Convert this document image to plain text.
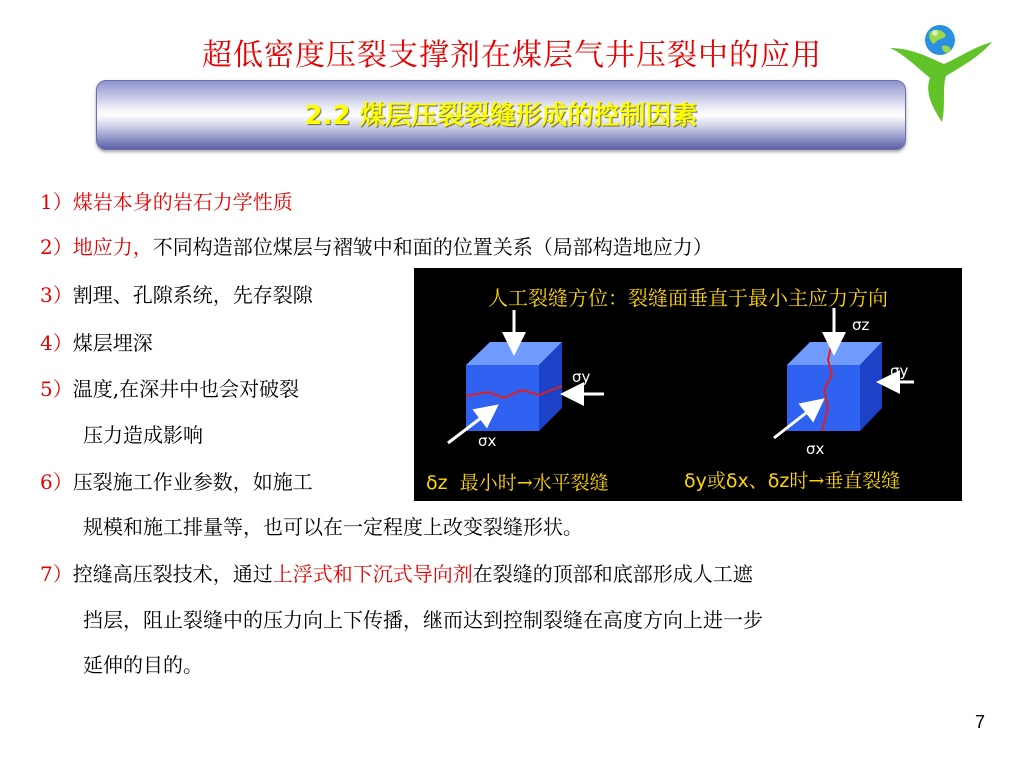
超低密度压裂支撑剂在煤层气井压裂中的应用
2.2 煤层压裂裂缝形成的控制因素
1）煤岩本身的岩石力学性质
2）地应力，不同构造部位煤层与褶皱中和面的位置关系（局部构造地应力）
3）割理、孔隙系统，先存裂隙
4）煤层埋深
5）温度,在深井中也会对破裂
压力造成影响
6）压裂施工作业参数，如施工
规模和施工排量等，也可以在一定程度上改变裂缝形状。
7）控缝高压裂技术，通过上浮式和下沉式导向剂在裂缝的顶部和底部形成人工遮
挡层，阻止裂缝中的压力向上下传播，继而达到控制裂缝在高度方向上进一步
延伸的目的。
人工裂缝方位：裂缝面垂直于最小主应力方向
σy
σx
σz
σy
σx
δz 最小时→水平裂缝	δy或δx、δz时→垂直裂缝
7
